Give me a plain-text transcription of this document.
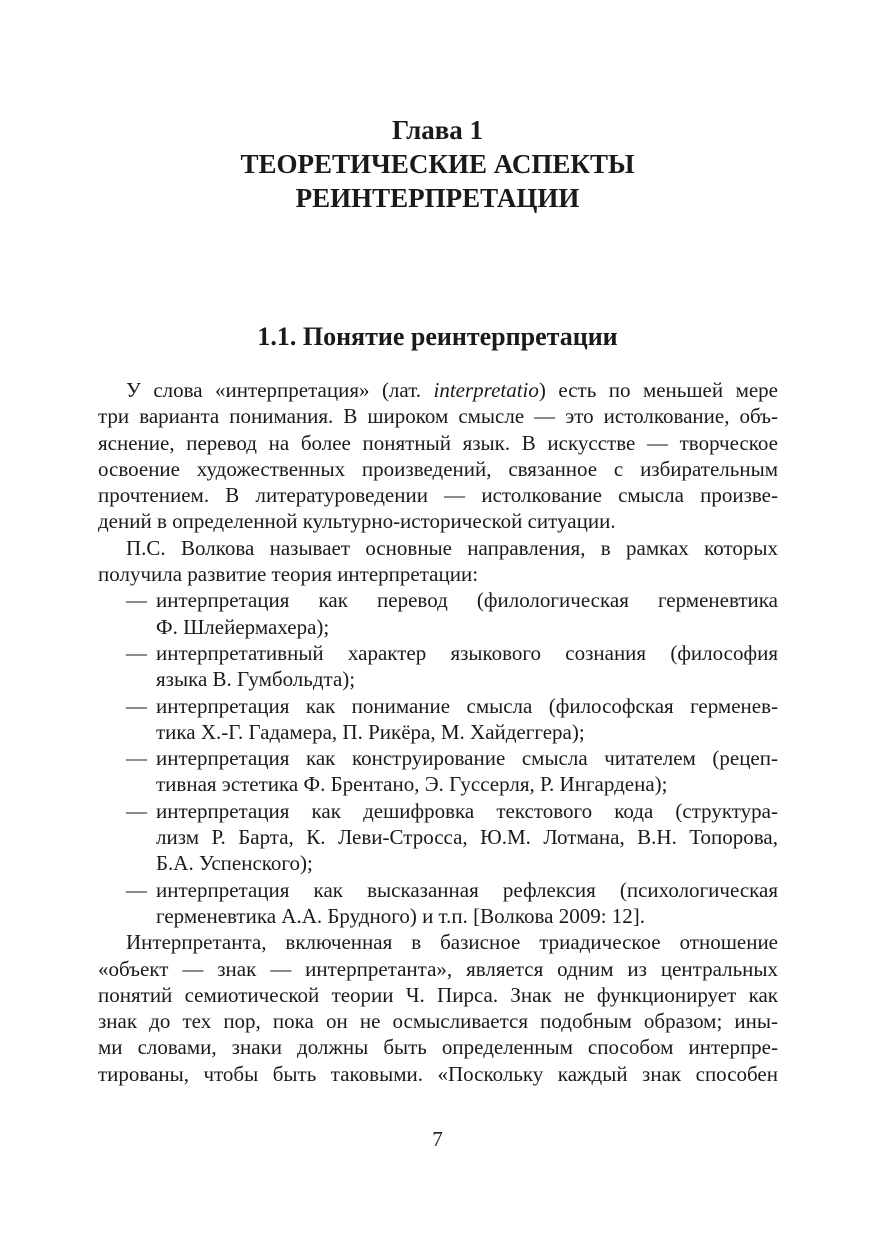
Глава 1
ТЕОРЕТИЧЕСКИЕ АСПЕКТЫ
РЕИНТЕРПРЕТАЦИИ
1.1. Понятие реинтерпретации
У слова «интерпретация» (лат. interpretatio) есть по меньшей мере
три варианта понимания. В широком смысле — это истолкование, объ-
яснение, перевод на более понятный язык. В искусстве — творческое
освоение художественных произведений, связанное с избирательным
прочтением. В литературоведении — истолкование смысла произве-
дений в определенной культурно-исторической ситуации.
П.С. Волкова называет основные направления, в рамках которых
получила развитие теория интерпретации:
— интерпретация как перевод (филологическая герменевтика
Ф. Шлейермахера);
— интерпретативный характер языкового сознания (философия
языка В. Гумбольдта);
— интерпретация как понимание смысла (философская герменев-
тика Х.-Г. Гадамера, П. Рикёра, М. Хайдеггера);
— интерпретация как конструирование смысла читателем (рецеп-
тивная эстетика Ф. Брентано, Э. Гуссерля, Р. Ингардена);
— интерпретация как дешифровка текстового кода (структура-
лизм Р. Барта, К. Леви-Стросса, Ю.М. Лотмана, В.Н. Топорова,
Б.А. Успенского);
— интерпретация как высказанная рефлексия (психологическая
герменевтика А.А. Брудного) и т.п. [Волкова 2009: 12].
Интерпретанта, включенная в базисное триадическое отношение
«объект — знак — интерпретанта», является одним из центральных
понятий семиотической теории Ч. Пирса. Знак не функционирует как
знак до тех пор, пока он не осмысливается подобным образом; ины-
ми словами, знаки должны быть определенным способом интерпре-
тированы, чтобы быть таковыми. «Поскольку каждый знак способен
7
